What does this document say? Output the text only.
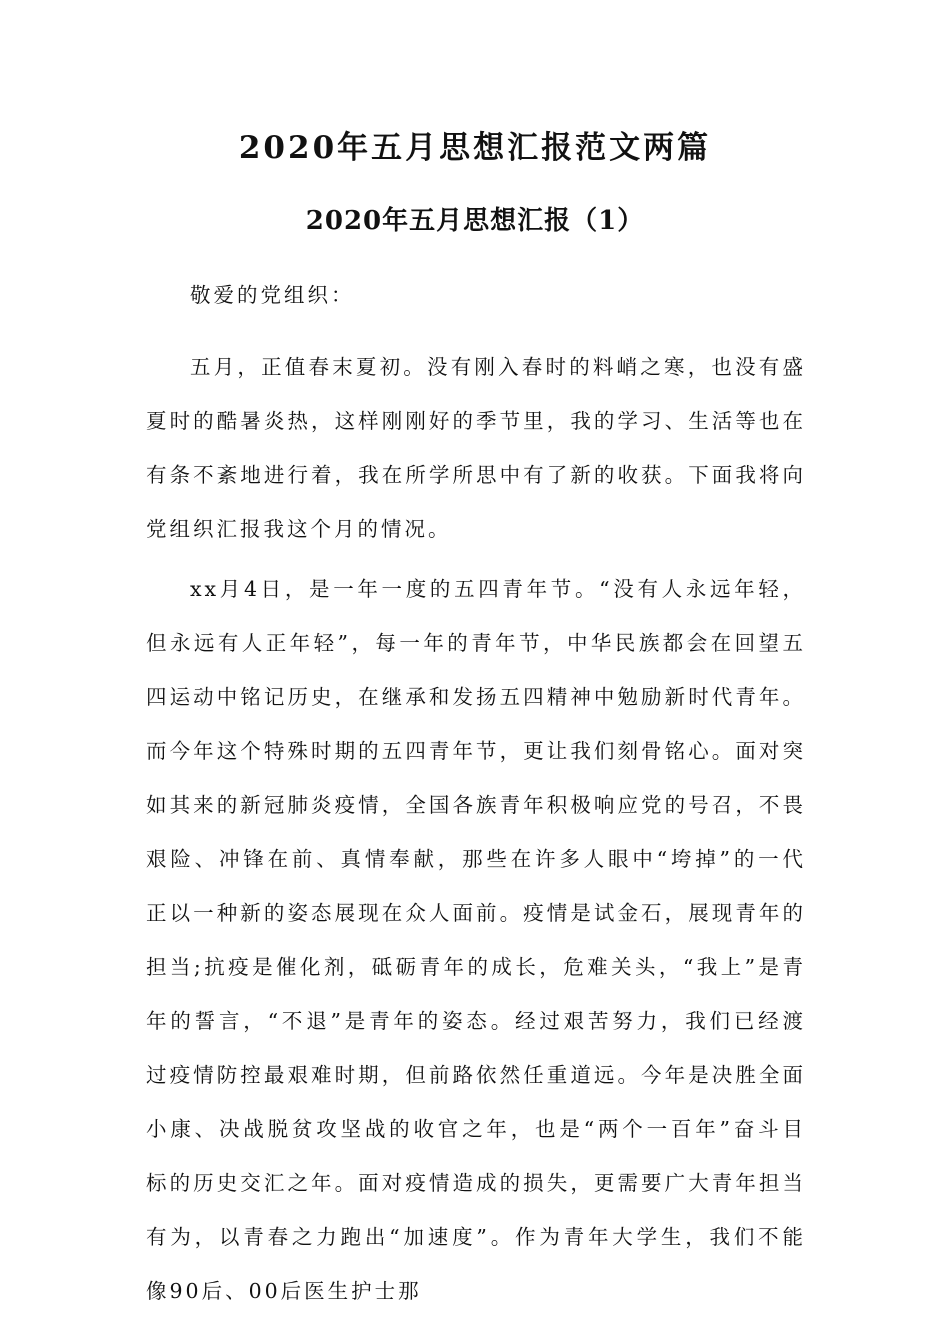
2020年五月思想汇报范文两篇
2020年五月思想汇报（1）

敬爱的党组织：

五月，正值春末夏初。没有刚入春时的料峭之寒，也没有盛夏时的酷暑炎热，这样刚刚好的季节里，我的学习、生活等也在有条不紊地进行着，我在所学所思中有了新的收获。下面我将向党组织汇报我这个月的情况。

xx月4日，是一年一度的五四青年节。“没有人永远年轻，但永远有人正年轻”，每一年的青年节，中华民族都会在回望五四运动中铭记历史，在继承和发扬五四精神中勉励新时代青年。而今年这个特殊时期的五四青年节，更让我们刻骨铭心。面对突如其来的新冠肺炎疫情，全国各族青年积极响应党的号召，不畏艰险、冲锋在前、真情奉献，那些在许多人眼中“垮掉”的一代正以一种新的姿态展现在众人面前。疫情是试金石，展现青年的担当;抗疫是催化剂，砥砺青年的成长，危难关头，“我上”是青年的誓言，“不退”是青年的姿态。经过艰苦努力，我们已经渡过疫情防控最艰难时期，但前路依然任重道远。今年是决胜全面小康、决战脱贫攻坚战的收官之年，也是“两个一百年”奋斗目标的历史交汇之年。面对疫情造成的损失，更需要广大青年担当有为，以青春之力跑出“加速度”。作为青年大学生，我们不能像90后、00后医生护士那
